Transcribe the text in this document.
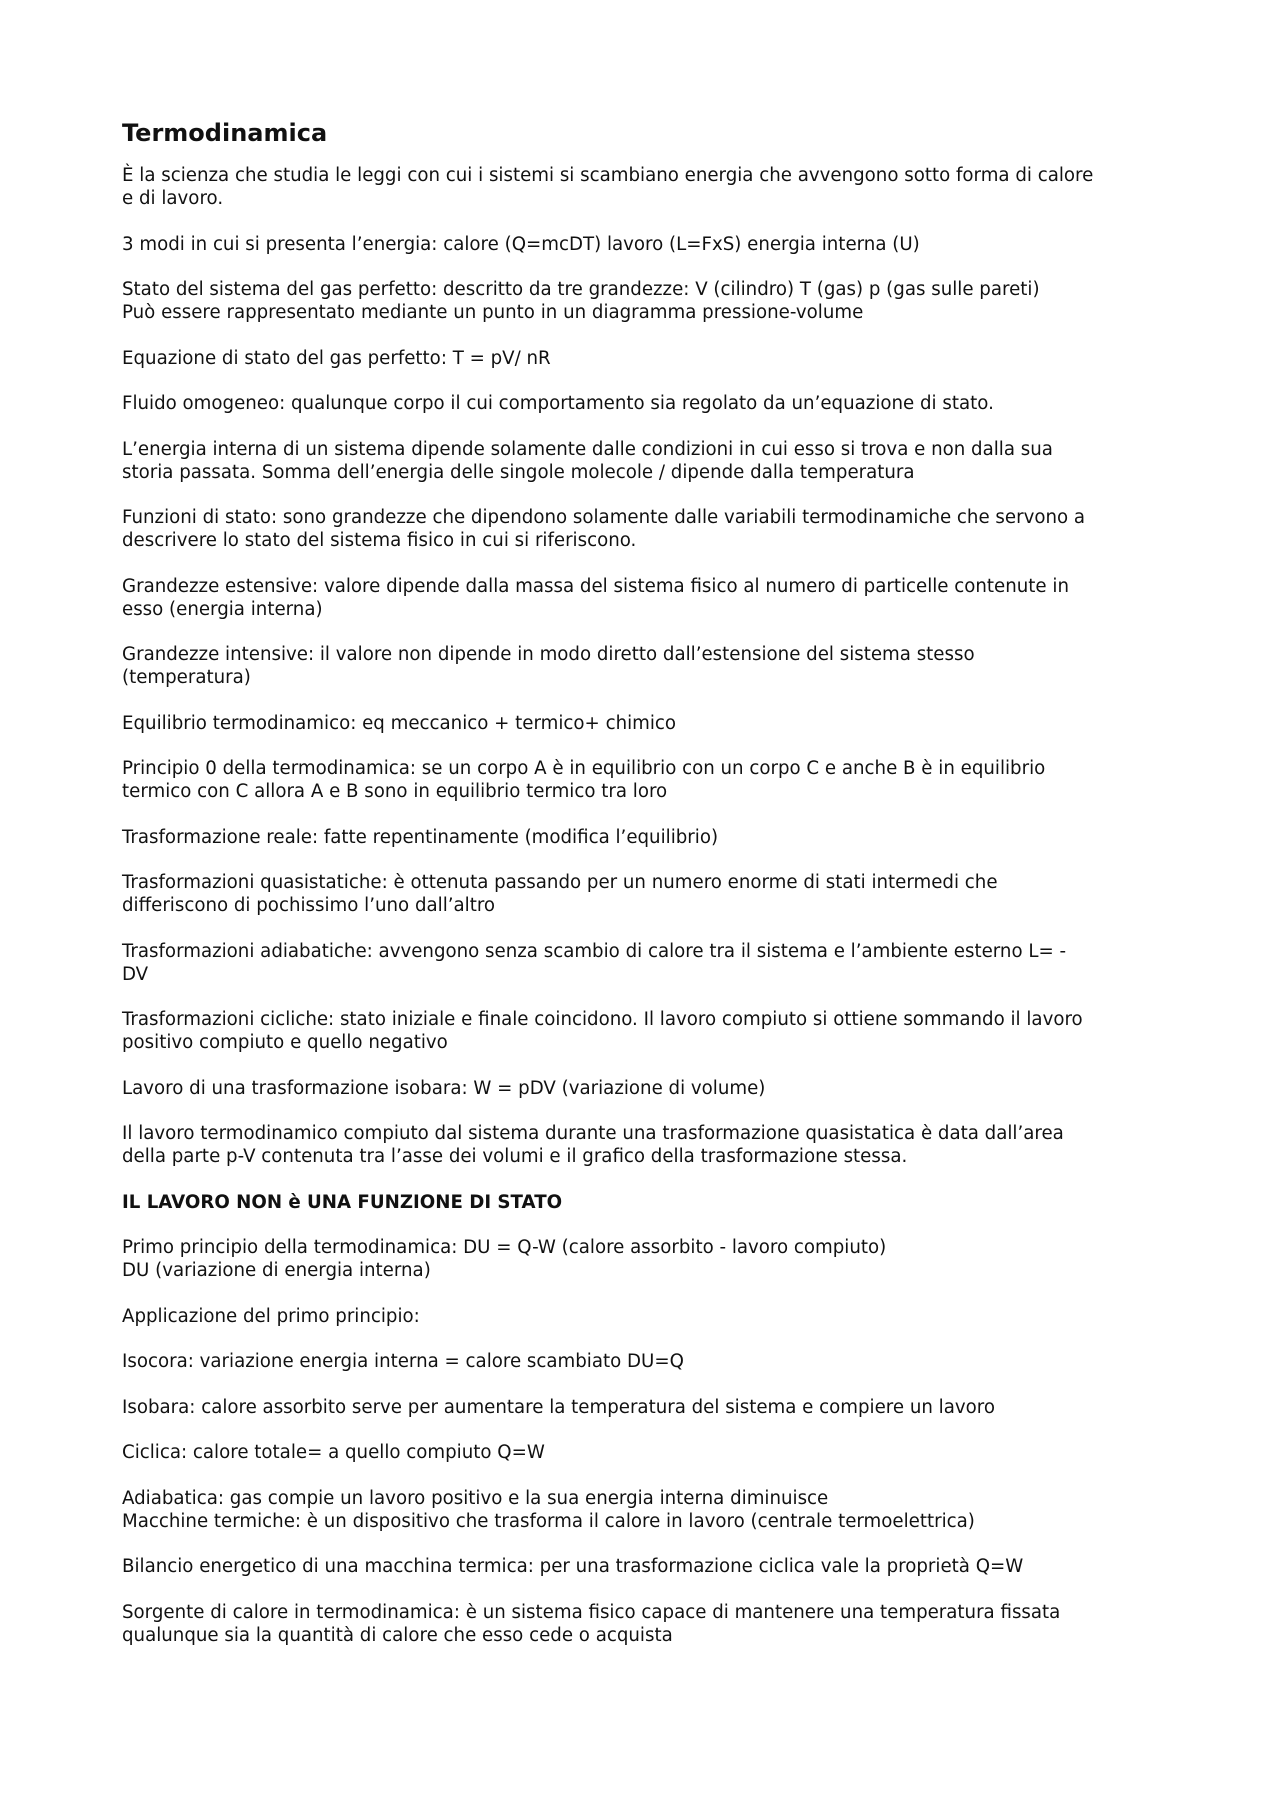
Termodinamica
È la scienza che studia le leggi con cui i sistemi si scambiano energia che avvengono sotto forma di calore
e di lavoro.
3 modi in cui si presenta l’energia: calore (Q=mcDT) lavoro (L=FxS) energia interna (U)
Stato del sistema del gas perfetto: descritto da tre grandezze: V (cilindro) T (gas) p (gas sulle pareti)
Può essere rappresentato mediante un punto in un diagramma pressione-volume
Equazione di stato del gas perfetto: T = pV/ nR
Fluido omogeneo: qualunque corpo il cui comportamento sia regolato da un’equazione di stato.
L’energia interna di un sistema dipende solamente dalle condizioni in cui esso si trova e non dalla sua
storia passata. Somma dell’energia delle singole molecole / dipende dalla temperatura
Funzioni di stato: sono grandezze che dipendono solamente dalle variabili termodinamiche che servono a
descrivere lo stato del sistema fisico in cui si riferiscono.
Grandezze estensive: valore dipende dalla massa del sistema fisico al numero di particelle contenute in
esso (energia interna)
Grandezze intensive: il valore non dipende in modo diretto dall’estensione del sistema stesso
(temperatura)
Equilibrio termodinamico: eq meccanico + termico+ chimico
Principio 0 della termodinamica: se un corpo A è in equilibrio con un corpo C e anche B è in equilibrio
termico con C allora A e B sono in equilibrio termico tra loro
Trasformazione reale: fatte repentinamente (modifica l’equilibrio)
Trasformazioni quasistatiche: è ottenuta passando per un numero enorme di stati intermedi che
differiscono di pochissimo l’uno dall’altro
Trasformazioni adiabatiche: avvengono senza scambio di calore tra il sistema e l’ambiente esterno L= -
DV
Trasformazioni cicliche: stato iniziale e finale coincidono. Il lavoro compiuto si ottiene sommando il lavoro
positivo compiuto e quello negativo
Lavoro di una trasformazione isobara: W = pDV (variazione di volume)
Il lavoro termodinamico compiuto dal sistema durante una trasformazione quasistatica è data dall’area
della parte p-V contenuta tra l’asse dei volumi e il grafico della trasformazione stessa.
IL LAVORO NON è UNA FUNZIONE DI STATO
Primo principio della termodinamica: DU = Q-W (calore assorbito - lavoro compiuto)
DU (variazione di energia interna)
Applicazione del primo principio:
Isocora: variazione energia interna = calore scambiato DU=Q
Isobara: calore assorbito serve per aumentare la temperatura del sistema e compiere un lavoro
Ciclica: calore totale= a quello compiuto Q=W
Adiabatica: gas compie un lavoro positivo e la sua energia interna diminuisce
Macchine termiche: è un dispositivo che trasforma il calore in lavoro (centrale termoelettrica)
Bilancio energetico di una macchina termica: per una trasformazione ciclica vale la proprietà Q=W
Sorgente di calore in termodinamica: è un sistema fisico capace di mantenere una temperatura fissata
qualunque sia la quantità di calore che esso cede o acquista
